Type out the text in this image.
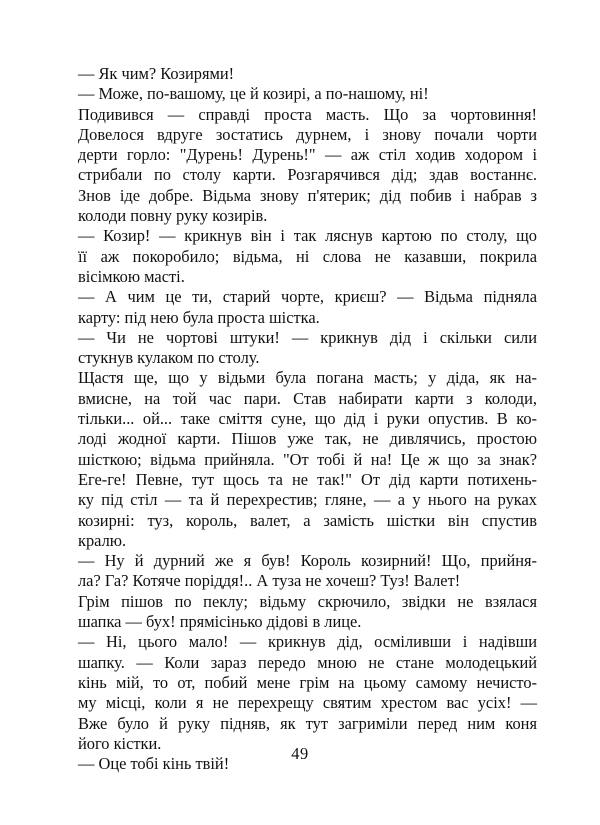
— Як чим? Козирями!

— Може, по-вашому, це й козирі, а по-нашому, ні!

Подивився — справді проста масть. Що за чортовиння!
Довелося вдруге зостатись дурнем, і знову почали чорти
дерти горло: "Дурень! Дурень!" — аж стіл ходив ходором і
стрибали по столу карти. Розгарячився дід; здав востаннє.
Знов іде добре. Відьма знову п'ятерик; дід побив і набрав з
колоди повну руку козирів.

— Козир! — крикнув він і так ляснув картою по столу, що
її аж покоробило; відьма, ні слова не казавши, покрила
вісімкою масті.

— А чим це ти, старий чорте, криєш? — Відьма підняла
карту: під нею була проста шістка.

— Чи не чортові штуки! — крикнув дід і скільки сили
стукнув кулаком по столу.

Щастя ще, що у відьми була погана масть; у діда, як на-
вмисне, на той час пари. Став набирати карти з колоди,
тільки... ой... таке сміття суне, що дід і руки опустив. В ко-
лоді жодної карти. Пішов уже так, не дивлячись, простою
шісткою; відьма прийняла. "От тобі й на! Це ж що за знак?
Еге-ге! Певне, тут щось та не так!" От дід карти потихень-
ку під стіл — та й перехрестив; гляне, — а у нього на руках
козирні: туз, король, валет, а замість шістки він спустив
кралю.

— Ну й дурний же я був! Король козирний! Що, прийня-
ла? Га? Котяче поріддя!.. А туза не хочеш? Туз! Валет!

Грім пішов по пеклу; відьму скрючило, звідки не взялася
шапка — бух! прямісінько дідові в лице.

— Ні, цього мало! — крикнув дід, осміливши і надівши
шапку. — Коли зараз передо мною не стане молодецький
кінь мій, то от, побий мене грім на цьому самому нечисто-
му місці, коли я не перехрещу святим хрестом вас усіх! —
Вже було й руку підняв, як тут загриміли перед ним коня
його кістки.

— Оце тобі кінь твій!

49
